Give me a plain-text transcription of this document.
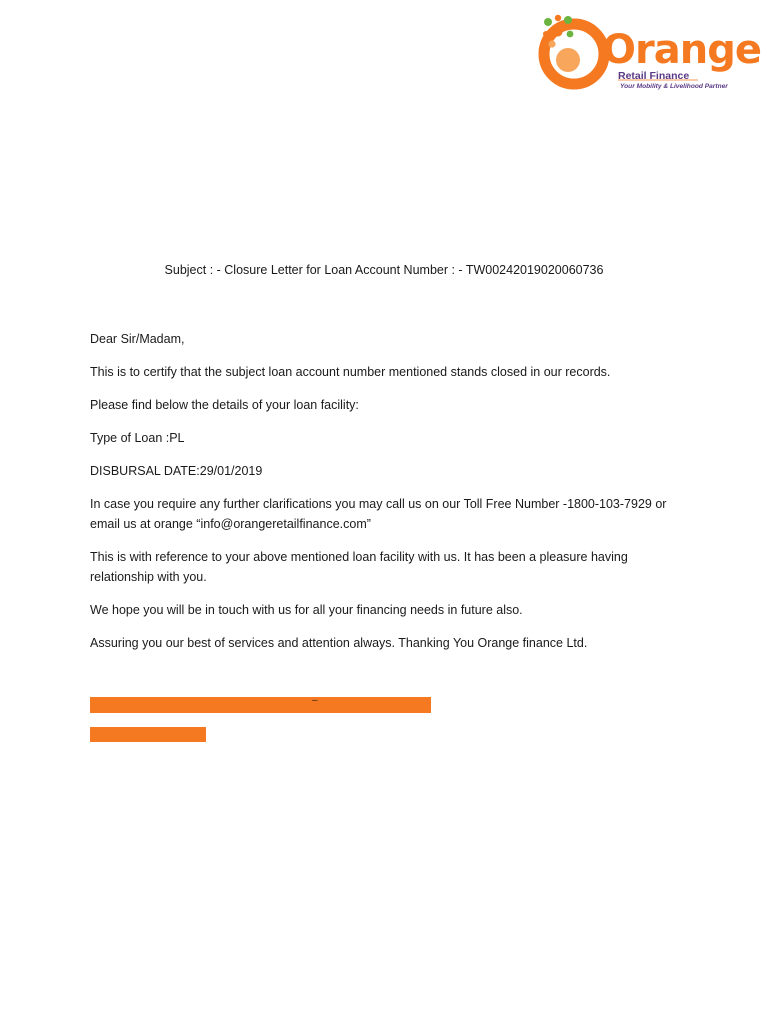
Orange
Retail Finance
Your Mobility & Livelihood Partner
Subject : - Closure Letter for Loan Account Number : - TW00242019020060736

Dear Sir/Madam,

This is to certify that the subject loan account number mentioned stands closed in our records.

Please find below the details of your loan facility:

Type of Loan :PL

DISBURSAL DATE:29/01/2019

In case you require any further clarifications you may call us on our Toll Free Number -1800-103-7929 or email us at orange “info@orangeretailfinance.com”

This is with reference to your above mentioned loan facility with us. It has been a pleasure having relationship with you.

We hope you will be in touch with us for all your financing needs in future also.

Assuring you our best of services and attention always. Thanking You Orange finance Ltd.

–
